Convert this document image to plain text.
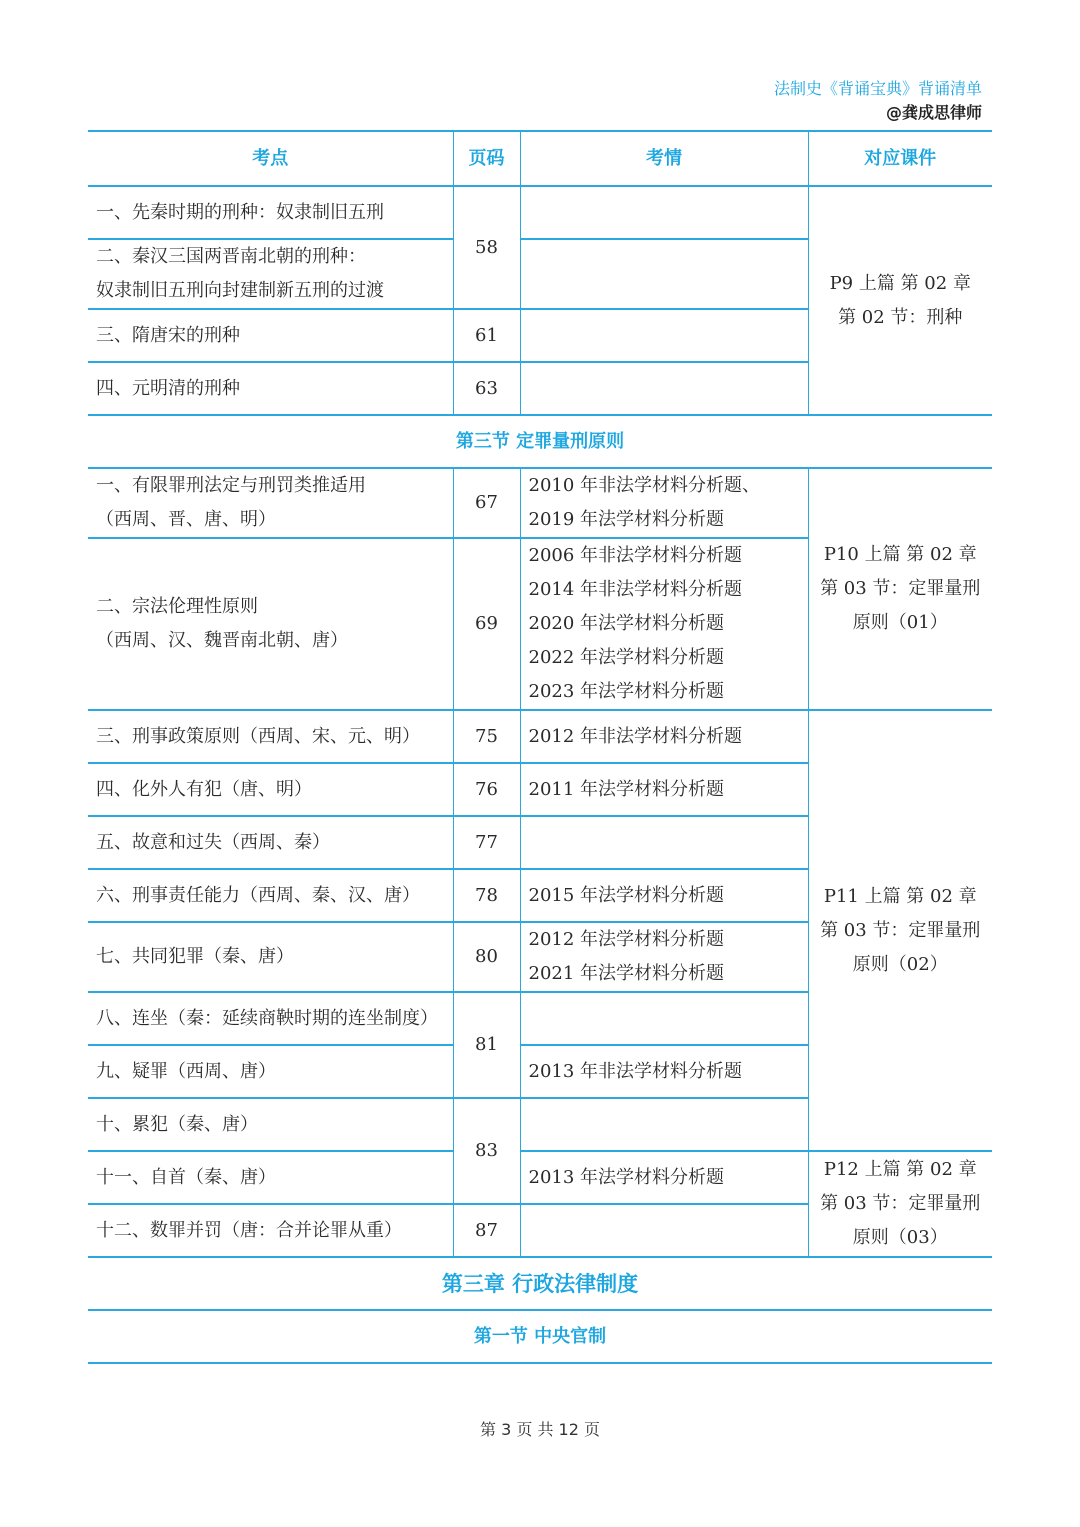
法制史《背诵宝典》背诵清单
@龚成思律师
考点	页码	考情	对应课件
一、先秦时期的刑种：奴隶制旧五刑	58		P9 上篇 第 02 章
第 02 节：刑种

二、秦汉三国两晋南北朝的刑种：
奴隶制旧五刑向封建制新五刑的过渡			

三、隋唐宋的刑种	61		
四、元明清的刑种	63		
第三节 定罪量刑原则			

一、有限罪刑法定与刑罚类推适用
（西周、晋、唐、明）	67	2010 年非法学材料分析题、
2019 年法学材料分析题	P10 上篇 第 02 章
第 03 节：定罪量刑
原则（01）

二、宗法伦理性原则
（西周、汉、魏晋南北朝、唐）	69	2006 年非法学材料分析题
2014 年非法学材料分析题
2020 年法学材料分析题
2022 年法学材料分析题
2023 年法学材料分析题	

三、刑事政策原则（西周、宋、元、明）	75	2012 年非法学材料分析题	P11 上篇 第 02 章
第 03 节：定罪量刑
原则（02）

四、化外人有犯（唐、明）	76	2011 年法学材料分析题	
五、故意和过失（西周、秦）	77		
六、刑事责任能力（西周、秦、汉、唐）	78	2015 年法学材料分析题	
七、共同犯罪（秦、唐）	80	2012 年法学材料分析题
2021 年法学材料分析题	

八、连坐（秦：延续商鞅时期的连坐制度）	81		
九、疑罪（西周、唐）		2013 年非法学材料分析题	
十、累犯（秦、唐）	83		
十一、自首（秦、唐）		2013 年法学材料分析题	P12 上篇 第 02 章
第 03 节：定罪量刑
原则（03）

十二、数罪并罚（唐：合并论罪从重）	87		
第三章 行政法律制度			
第一节 中央官制			
第 3 页 共 12 页
